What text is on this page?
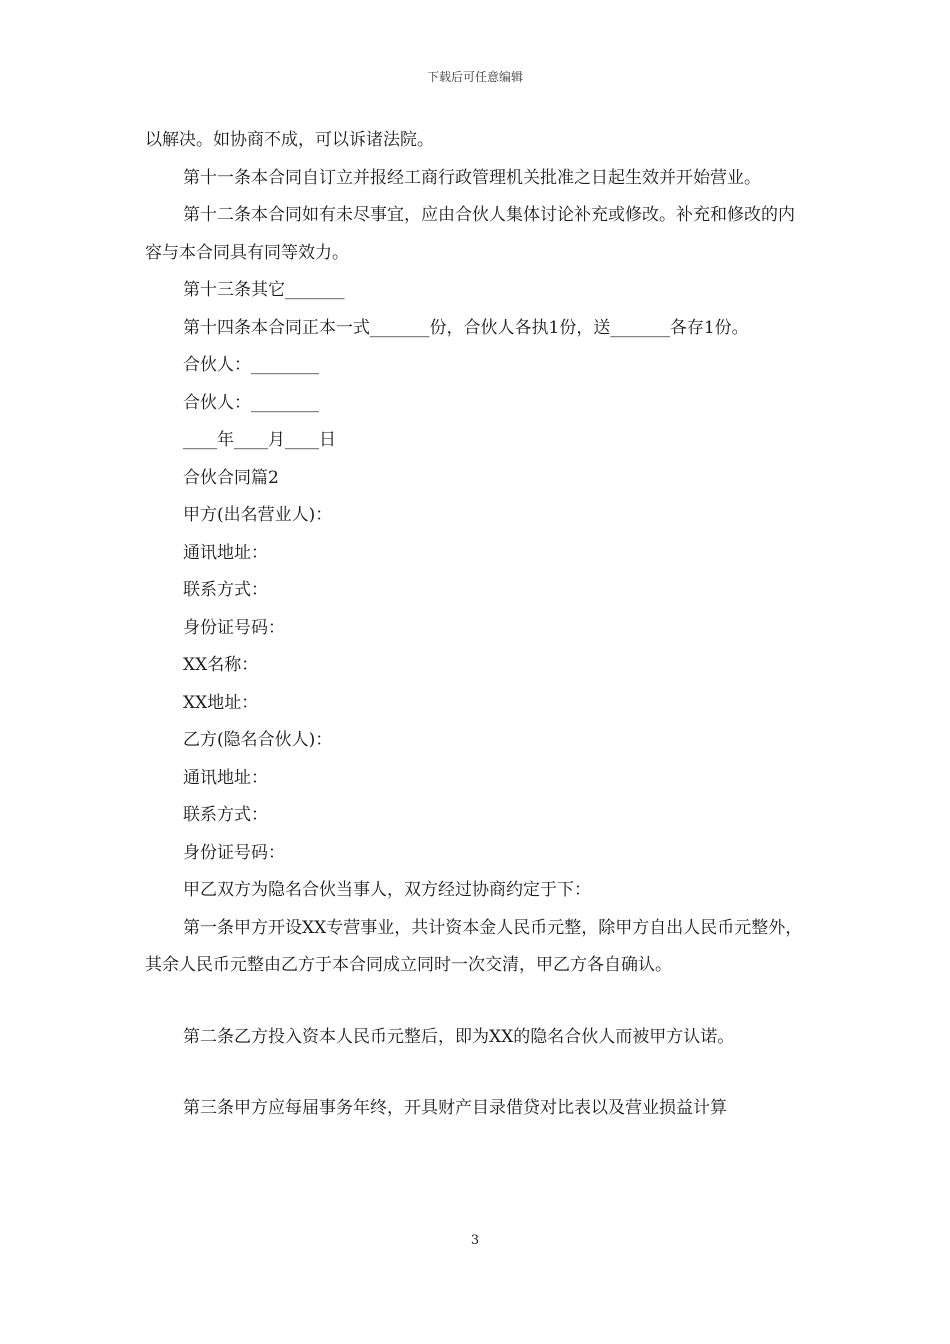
下载后可任意编辑

以解决。如协商不成，可以诉诸法院。

第十一条本合同自订立并报经工商行政管理机关批准之日起生效并开始营业。

第十二条本合同如有未尽事宜，应由合伙人集体讨论补充或修改。补充和修改的内容与本合同具有同等效力。

第十三条其它_______

第十四条本合同正本一式_______份，合伙人各执1份，送_______各存1份。

合伙人：________

合伙人：________

____年____月____日

合伙合同篇2

甲方(出名营业人)：

通讯地址：

联系方式：

身份证号码：

XX名称：

XX地址：

乙方(隐名合伙人)：

通讯地址：

联系方式：

身份证号码：

甲乙双方为隐名合伙当事人，双方经过协商约定于下：

第一条甲方开设XX专营事业，共计资本金人民币元整，除甲方自出人民币元整外，其余人民币元整由乙方于本合同成立同时一次交清，甲乙方各自确认。

第二条乙方投入资本人民币元整后，即为XX的隐名合伙人而被甲方认诺。

第三条甲方应每届事务年终，开具财产目录借贷对比表以及营业损益计算

3
